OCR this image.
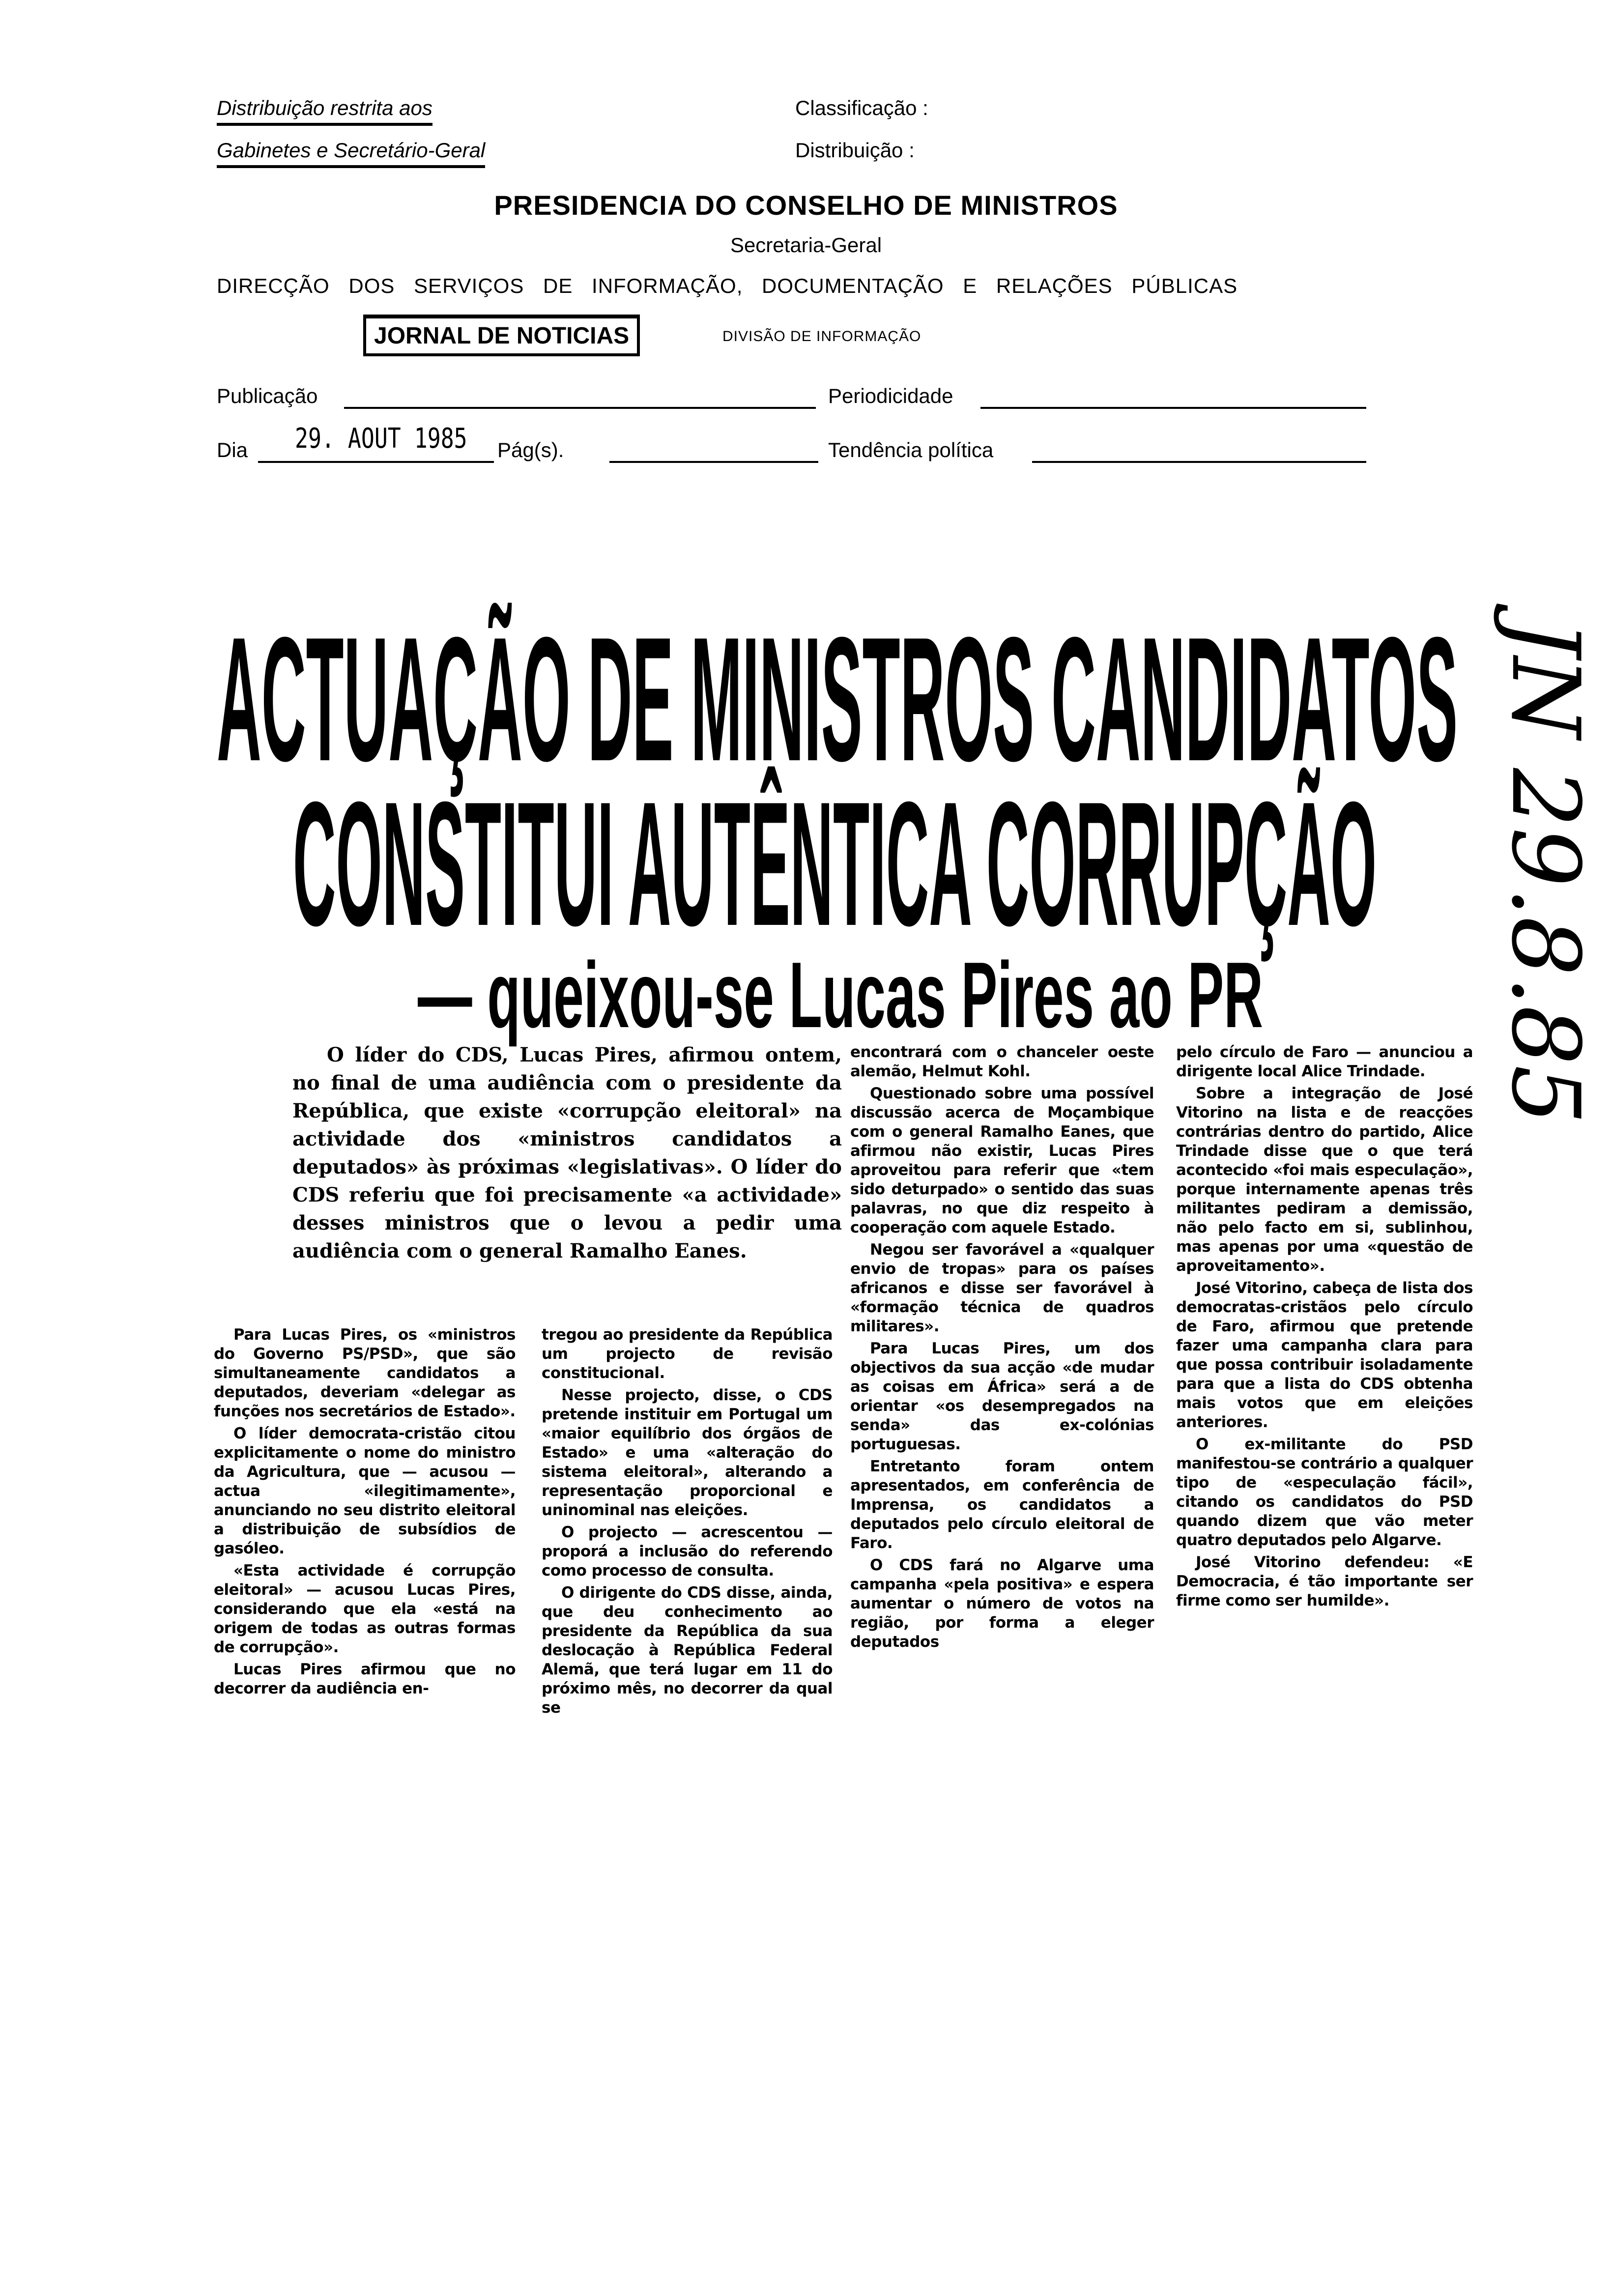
Distribuição restrita aos
Gabinetes e Secretário-Geral
Classificação :
Distribuição :
PRESIDENCIA DO CONSELHO DE MINISTROS
Secretaria-Geral
DIRECÇÃO DOS SERVIÇOS DE INFORMAÇÃO, DOCUMENTAÇÃO E RELAÇÕES PÚBLICAS
JORNAL DE NOTICIAS	DIVISÃO DE INFORMAÇÃO
Publicação	Periodicidade
Dia 29. AOUT 1985 Pág(s).	Tendência política
ACTUAÇÃO DE MINISTROS CANDIDATOS
CONSTITUI AUTÊNTICA CORRUPÇÃO	JN 29.8.85
— queixou-se Lucas Pires ao PR

O líder do CDS, Lucas Pires, afirmou ontem, no final de uma audiência com o presidente da República, que existe «corrupção eleitoral» na actividade dos «ministros candidatos a deputados» às próximas «legislativas». O líder do CDS referiu que foi precisamente «a actividade» desses ministros que o levou a pedir uma audiência com o general Ramalho Eanes.

Para Lucas Pires, os «ministros do Governo PS/PSD», que são simultaneamente candidatos a deputados, deveriam «delegar as funções nos secretários de Estado».

O líder democrata-cristão citou explicitamente o nome do ministro da Agricultura, que — acusou — actua «ilegitimamente», anunciando no seu distrito eleitoral a distribuição de subsídios de gasóleo.

«Esta actividade é corrupção eleitoral» — acusou Lucas Pires, considerando que ela «está na origem de todas as outras formas de corrupção».

Lucas Pires afirmou que no decorrer da audiência en-

tregou ao presidente da República um projecto de revisão constitucional.

Nesse projecto, disse, o CDS pretende instituir em Portugal um «maior equilíbrio dos órgãos de Estado» e uma «alteração do sistema eleitoral», alterando a representação proporcional e uninominal nas eleições.

O projecto — acrescentou — proporá a inclusão do referendo como processo de consulta.

O dirigente do CDS disse, ainda, que deu conhecimento ao presidente da República da sua deslocação à República Federal Alemã, que terá lugar em 11 do próximo mês, no decorrer da qual se

encontrará com o chanceler oeste alemão, Helmut Kohl.

Questionado sobre uma possível discussão acerca de Moçambique com o general Ramalho Eanes, que afirmou não existir, Lucas Pires aproveitou para referir que «tem sido deturpado» o sentido das suas palavras, no que diz respeito à cooperação com aquele Estado.

Negou ser favorável a «qualquer envio de tropas» para os países africanos e disse ser favorável à «formação técnica de quadros militares».

Para Lucas Pires, um dos objectivos da sua acção «de mudar as coisas em África» será a de orientar «os desempregados na senda» das ex-colónias portuguesas.

Entretanto foram ontem apresentados, em conferência de Imprensa, os candidatos a deputados pelo círculo eleitoral de Faro.

O CDS fará no Algarve uma campanha «pela positiva» e espera aumentar o número de votos na região, por forma a eleger deputados

pelo círculo de Faro — anunciou a dirigente local Alice Trindade.

Sobre a integração de José Vitorino na lista e de reacções contrárias dentro do partido, Alice Trindade disse que o que terá acontecido «foi mais especulação», porque internamente apenas três militantes pediram a demissão, não pelo facto em si, sublinhou, mas apenas por uma «questão de aproveitamento».

José Vitorino, cabeça de lista dos democratas-cristãos pelo círculo de Faro, afirmou que pretende fazer uma campanha clara para que possa contribuir isoladamente para que a lista do CDS obtenha mais votos que em eleições anteriores.

O ex-militante do PSD manifestou-se contrário a qualquer tipo de «especulação fácil», citando os candidatos do PSD quando dizem que vão meter quatro deputados pelo Algarve.

José Vitorino defendeu: «E Democracia, é tão importante ser firme como ser humilde».
